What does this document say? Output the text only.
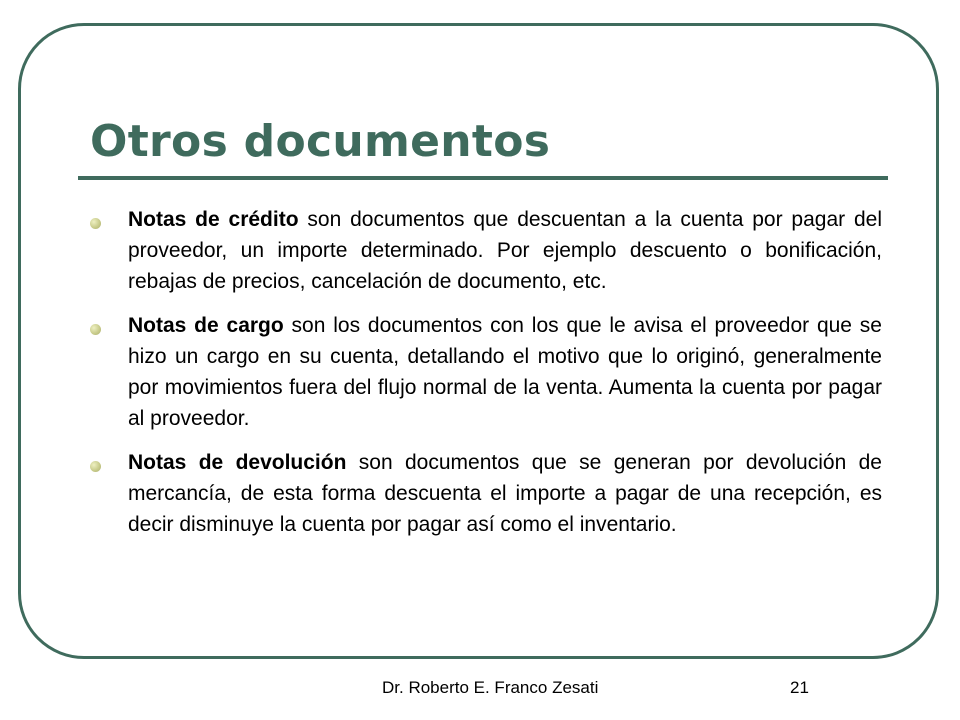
Otros documentos
Notas de crédito son documentos que descuentan a la cuenta por pagar del proveedor, un importe determinado. Por ejemplo descuento o bonificación, rebajas de precios, cancelación de documento, etc.
Notas de cargo son los documentos con los que le avisa el proveedor que se hizo un cargo en su cuenta, detallando el motivo que lo originó, generalmente por movimientos fuera del flujo normal de la venta. Aumenta la cuenta por pagar al proveedor.
Notas de devolución son documentos que se generan por devolución de mercancía, de esta forma descuenta el importe a pagar de una recepción, es decir disminuye la cuenta por pagar así como el inventario.
Dr. Roberto E. Franco Zesati	21
